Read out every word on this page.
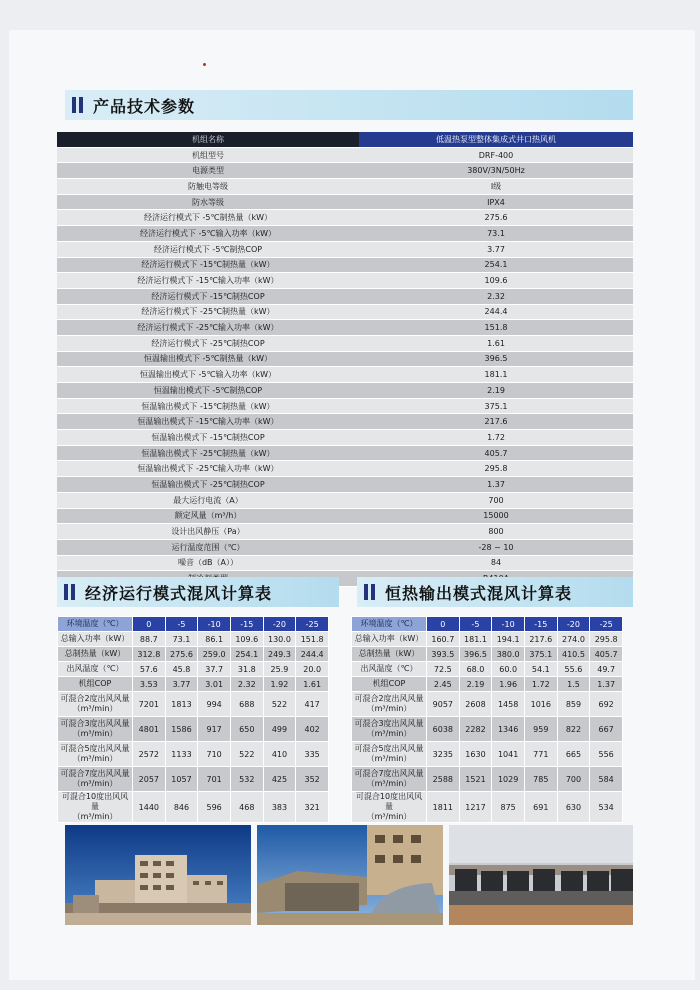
产品技术参数
机组名称	低温热泵型整体集成式井口热风机
机组型号	DRF-400
电源类型	380V/3N/50Hz
防触电等级	I级
防水等级	IPX4
经济运行模式下 -5℃制热量（kW）	275.6
经济运行模式下 -5℃输入功率（kW）	73.1
经济运行模式下 -5℃制热COP	3.77
经济运行模式下 -15℃制热量（kW）	254.1
经济运行模式下 -15℃输入功率（kW）	109.6
经济运行模式下 -15℃制热COP	2.32
经济运行模式下 -25℃制热量（kW）	244.4
经济运行模式下 -25℃输入功率（kW）	151.8
经济运行模式下 -25℃制热COP	1.61
恒温输出模式下 -5℃制热量（kW）	396.5
恒温输出模式下 -5℃输入功率（kW）	181.1
恒温输出模式下 -5℃制热COP	2.19
恒温输出模式下 -15℃制热量（kW）	375.1
恒温输出模式下 -15℃输入功率（kW）	217.6
恒温输出模式下 -15℃制热COP	1.72
恒温输出模式下 -25℃制热量（kW）	405.7
恒温输出模式下 -25℃输入功率（kW）	295.8
恒温输出模式下 -25℃制热COP	1.37
最大运行电流（A）	700
额定风量（m³/h）	15000
设计出风静压（Pa）	800
运行温度范围（℃）	-28 ~ 10
噪音（dB（A））	84

经济运行模式混风计算表	恒热输出模式混风计算表
环境温度（℃）	0	-5	-10	-15	-20	-25
总输入功率（kW）	88.7	73.1	86.1	109.6	130.0	151.8
总制热量（kW）	312.8	275.6	259.0	254.1	249.3	244.4
出风温度（℃）	57.6	45.8	37.7	31.8	25.9	20.0
机组COP	3.53	3.77	3.01	2.32	1.92	1.61
可混合2度出风风量
（m³/min）	7201	1813	994	688	522	417
可混合3度出风风量
（m³/min）	4801	1586	917	650	499	402
可混合5度出风风量
（m³/min）	2572	1133	710	522	410	335
可混合7度出风风量
（m³/min）	2057	1057	701	532	425	352
可混合10度出风风量
（m³/min）	1440	846	596	468	383	321
环境温度（℃）	0	-5	-10	-15	-20	-25
总输入功率（kW）	160.7	181.1	194.1	217.6	274.0	295.8
总制热量（kW）	393.5	396.5	380.0	375.1	410.5	405.7
出风温度（℃）	72.5	68.0	60.0	54.1	55.6	49.7
机组COP	2.45	2.19	1.96	1.72	1.5	1.37
可混合2度出风风量
（m³/min）	9057	2608	1458	1016	859	692
可混合3度出风风量
（m³/min）	6038	2282	1346	959	822	667
可混合5度出风风量
（m³/min）	3235	1630	1041	771	665	556
可混合7度出风风量
（m³/min）	2588	1521	1029	785	700	584
可混合10度出风风量
（m³/min）	1811	1217	875	691	630	534
